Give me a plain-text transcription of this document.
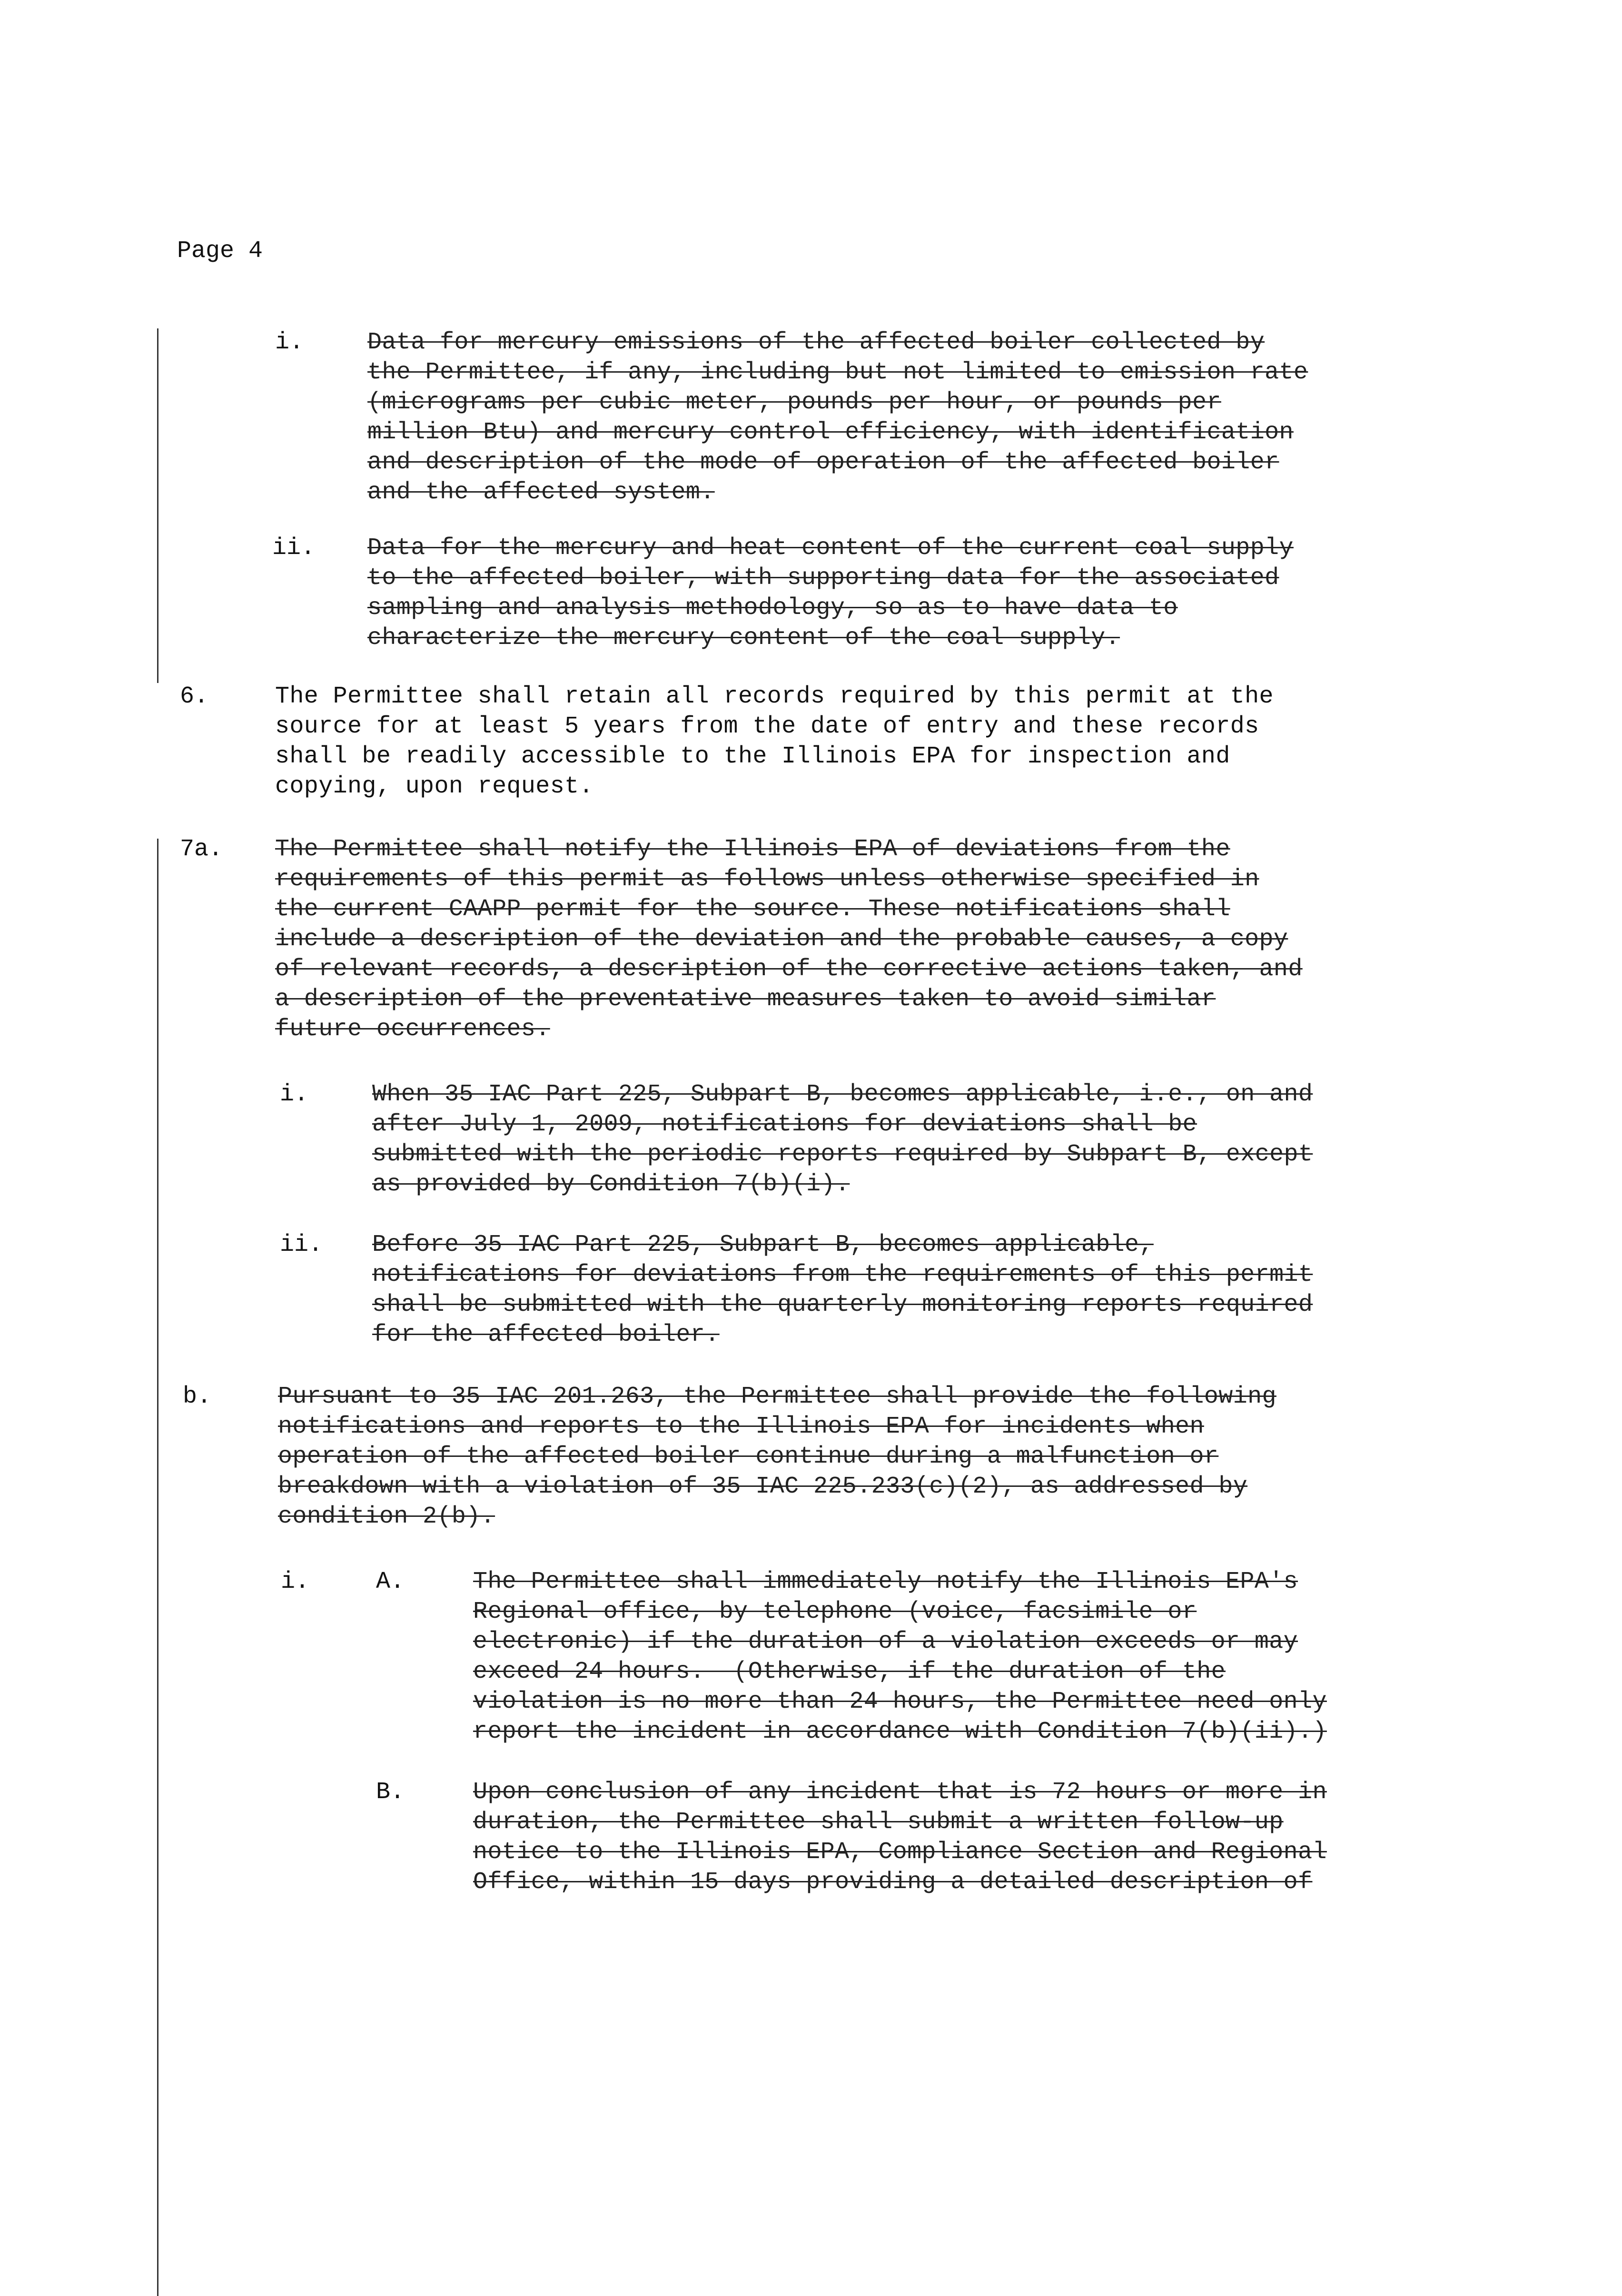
Page 4
i.	Data for mercury emissions of the affected boiler collected by
the Permittee, if any, including but not limited to emission rate
(micrograms per cubic meter, pounds per hour, or pounds per
million Btu) and mercury control efficiency, with identification
and description of the mode of operation of the affected boiler
and the affected system.
ii. Data for the mercury and heat content of the current coal supply
to the affected boiler, with supporting data for the associated
sampling and analysis methodology, so as to have data to
characterize the mercury content of the coal supply.
6.	The Permittee shall retain all records required by this permit at the
source for at least 5 years from the date of entry and these records
shall be readily accessible to the Illinois EPA for inspection and
copying, upon request.
7a. The Permittee shall notify the Illinois EPA of deviations from the
requirements of this permit as follows unless otherwise specified in
the current CAAPP permit for the source. These notifications shall
include a description of the deviation and the probable causes, a copy
of relevant records, a description of the corrective actions taken, and
a description of the preventative measures taken to avoid similar
future occurrences.
i.	When 35 IAC Part 225, Subpart B, becomes applicable, i.e., on and
after July 1, 2009, notifications for deviations shall be
submitted with the periodic reports required by Subpart B, except
as provided by Condition 7(b)(i).
ii. Before 35 IAC Part 225, Subpart B, becomes applicable,
notifications for deviations from the requirements of this permit
shall be submitted with the quarterly monitoring reports required
for the affected boiler.
b.	Pursuant to 35 IAC 201.263, the Permittee shall provide the following
notifications and reports to the Illinois EPA for incidents when
operation of the affected boiler continue during a malfunction or
breakdown with a violation of 35 IAC 225.233(c)(2), as addressed by
condition 2(b).
i.	A.	The Permittee shall immediately notify the Illinois EPA's
Regional office, by telephone (voice, facsimile or
electronic) if the duration of a violation exceeds or may
exceed 24 hours.  (Otherwise, if the duration of the
violation is no more than 24 hours, the Permittee need only
report the incident in accordance with Condition 7(b)(ii).)
B.	Upon conclusion of any incident that is 72 hours or more in
duration, the Permittee shall submit a written follow-up
notice to the Illinois EPA, Compliance Section and Regional
Office, within 15 days providing a detailed description of
